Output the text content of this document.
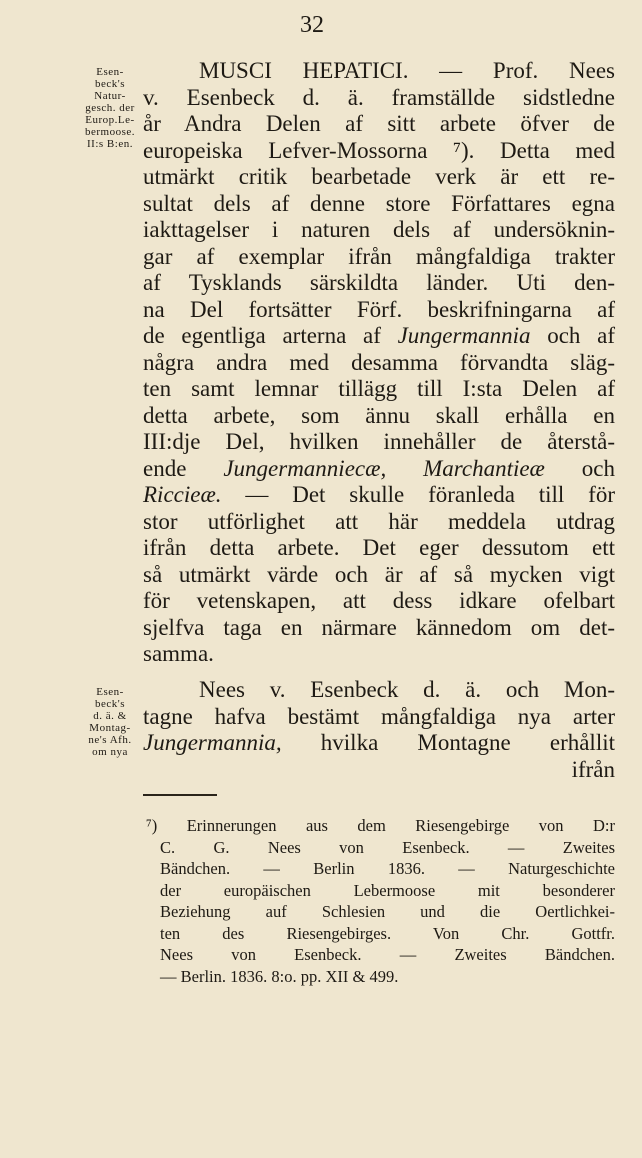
32
Esen-
beck's
Natur-
gesch. der
Europ.Le-
bermoose.
II:s B:en.
MUSCI HEPATICI. — Prof. Nees
v. Esenbeck d. ä. framställde sidstledne
år Andra Delen af sitt arbete öfver de
europeiska Lefver-Mossorna ⁷). Detta med
utmärkt critik bearbetade verk är ett re-
sultat dels af denne store Författares egna
iakttagelser i naturen dels af undersöknin-
gar af exemplar ifrån mångfaldiga trakter
af Tysklands särskildta länder. Uti den-
na Del fortsätter Förf. beskrifningarna af
de egentliga arterna af Jungermannia och af
några andra med desamma förvandta släg-
ten samt lemnar tillägg till I:sta Delen af
detta arbete, som ännu skall erhålla en
III:dje Del, hvilken innehåller de återstå-
ende Jungermanniecæ, Marchantieæ och
Riccieæ. — Det skulle föranleda till för
stor utförlighet att här meddela utdrag
ifrån detta arbete. Det eger dessutom ett
så utmärkt värde och är af så mycken vigt
för vetenskapen, att dess idkare ofelbart
sjelfva taga en närmare kännedom om det-
samma.
Esen-
beck's
d. ä. &
Montag-
ne's Afh.
om nya
Nees v. Esenbeck d. ä. och Mon-
tagne hafva bestämt mångfaldiga nya arter
Jungermannia, hvilka Montagne erhållit
ifrån
⁷) Erinnerungen aus dem Riesengebirge von D:r
C. G. Nees von Esenbeck. — Zweites
Bändchen. — Berlin 1836. — Naturgeschichte
der europäischen Lebermoose mit besonderer
Beziehung auf Schlesien und die Oertlichkei-
ten des Riesengebirges. Von Chr. Gottfr.
Nees von Esenbeck. — Zweites Bändchen.
— Berlin. 1836. 8:o. pp. XII & 499.
